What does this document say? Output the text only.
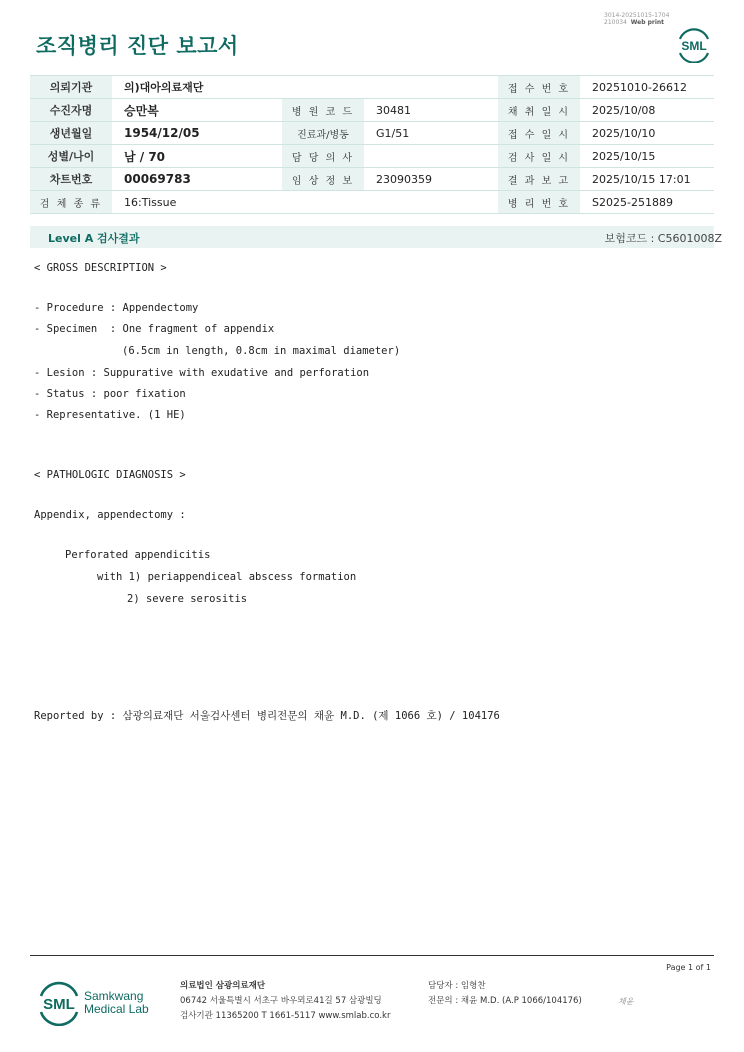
3014-20251015-1704
210034 Web print
조직병리 진단 보고서	SML
의뢰기관	의)대아의료재단			접 수 번 호	20251010-26612
수진자명	승만복	병 원 코 드	30481	채 취 일 시	2025/10/08
생년월일	1954/12/05	진료과/병동	G1/51	접 수 일 시	2025/10/10
성별/나이	남 / 70	담 당 의 사		검 사 일 시	2025/10/15
차트번호	00069783	임 상 정 보	23090359	결 과 보 고	2025/10/15 17:01
검 체 종 류	16:Tissue			병 리 번 호	S2025-251889
Level A 검사결과	보험코드 : C5601008Z
< GROSS DESCRIPTION >
- Procedure : Appendectomy
- Specimen  : One fragment of appendix
(6.5cm in length, 0.8cm in maximal diameter)
- Lesion : Suppurative with exudative and perforation
- Status : poor fixation
- Representative. (1 HE)
< PATHOLOGIC DIAGNOSIS >
Appendix, appendectomy :
Perforated appendicitis
with 1) periappendiceal abscess formation
2) severe serositis
Reported by : 삼광의료재단 서울검사센터 병리전문의 채윤 M.D. (제 1066 호) / 104176
Page 1 of 1
SML Samkwang
Medical Lab
의료법인 삼광의료재단
06742 서울특별시 서초구 바우뫼로41길 57 삼광빌딩
검사기관 11365200 T 1661-5117 www.smlab.co.kr
담당자 : 임형찬
전문의 : 채윤 M.D. (A.P 1066/104176)	채윤
